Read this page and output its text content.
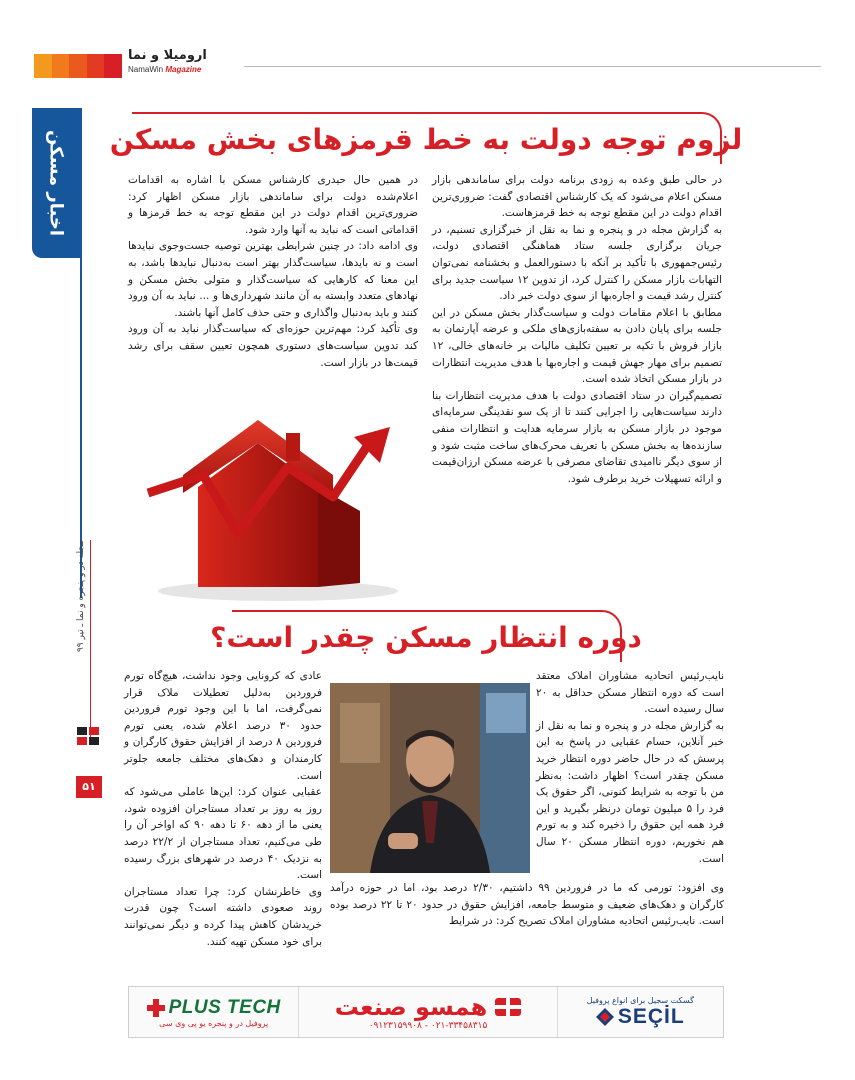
ارومیلا و نما
NamaWin Magazine
اخبار مسکن
مجله در و پنجره و نما ـ تیر ۹۹
۵۱
لزوم توجه دولت به خط قرمزهای بخش مسکن

در حالی طبق وعده به زودی برنامه دولت برای ساماندهی بازار مسکن اعلام می‌شود که یک کارشناس اقتصادی گفت: ضروری‌ترین اقدام دولت در این مقطع توجه به خط قرمزهاست.

به گزارش مجله در و پنجره و نما به نقل از خبرگزاری تسنیم، در جریان برگزاری جلسه ستاد هماهنگی اقتصادی دولت، رئیس‌جمهوری با تأکید بر آنکه با دستورالعمل و بخشنامه نمی‌توان التهابات بازار مسکن را کنترل کرد، از تدوین ۱۲ سیاست جدید برای کنترل رشد قیمت و اجاره‌بها از سوی دولت خبر داد.

مطابق با اعلام مقامات دولت و سیاست‌گذار بخش مسکن در این جلسه برای پایان دادن به سفته‌بازی‌های ملکی و عرضه آپارتمان به بازار فروش با تکیه بر تعیین تکلیف مالیات بر خانه‌های خالی، ۱۲ تصمیم برای مهار جهش قیمت و اجاره‌بها با هدف مدیریت انتظارات در بازار مسکن اتخاذ شده است.

تصمیم‌گیران در ستاد اقتصادی دولت با هدف مدیریت انتظارات بنا دارند سیاست‌هایی را اجرایی کنند تا از یک سو نقدینگی سرمایه‌ای موجود در بازار مسکن به بازار سرمایه هدایت و انتظارات منفی سازنده‌ها به بخش مسکن با تعریف محرک‌های ساخت مثبت شود و از سوی دیگر ناامیدی تقاضای مصرفی با عرضه مسکن ارزان‌قیمت و ارائه تسهیلات خرید برطرف شود.

در همین حال حیدری کارشناس مسکن با اشاره به اقدامات اعلام‌شده دولت برای ساماندهی بازار مسکن اظهار کرد: ضروری‌ترین اقدام دولت در این مقطع توجه به خط قرمزها و اقداماتی است که نباید به آنها وارد شود.

وی ادامه داد: در چنین شرایطی بهترین توصیه جست‌وجوی نبایدها است و نه بایدها، سیاست‌گذار بهتر است به‌دنبال نبایدها باشد، به این معنا که کارهایی که سیاست‌گذار و متولی بخش مسکن و نهادهای متعدد وابسته به آن مانند شهرداری‌ها و ... نباید به آن ورود کنند و باید به‌دنبال واگذاری و حتی حذف کامل آنها باشند.

وی تأکید کرد: مهم‌ترین حوزه‌ای که سیاست‌گذار نباید به آن ورود کند تدوین سیاست‌های دستوری همچون تعیین سقف برای رشد قیمت‌ها در بازار است.

دوره انتظار مسکن چقدر است؟

نایب‌رئیس اتحادیه مشاوران املاک معتقد است که دوره انتظار مسکن حداقل به ۲۰ سال رسیده است.

به گزارش مجله در و پنجره و نما به نقل از خبر آنلاین، حسام عقبایی در پاسخ به این پرسش که در حال حاضر دوره انتظار خرید مسکن چقدر است؟ اظهار داشت: به‌نظر من با توجه به شرایط کنونی، اگر حقوق یک فرد را ۵ میلیون تومان درنظر بگیرید و این فرد همه این حقوق را ذخیره کند و به تورم هم نخوریم، دوره انتظار مسکن ۲۰ سال است.

عادی که کرونایی وجود نداشت، هیچ‌گاه تورم فروردین به‌دلیل تعطیلات ملاک قرار نمی‌گرفت، اما با این وجود تورم فروردین حدود ۳۰ درصد اعلام شده، یعنی تورم فروردین ۸ درصد از افزایش حقوق کارگران و کارمندان و دهک‌های مختلف جامعه جلوتر است.

عقبایی عنوان کرد: این‌ها عاملی می‌شود که روز به روز بر تعداد مستاجران افزوده شود، یعنی ما از دهه ۶۰ تا دهه ۹۰ که اواخر آن را طی می‌کنیم، تعداد مستاجران از ۲۲/۲ درصد به نزدیک ۴۰ درصد در شهرهای بزرگ رسیده است.

وی خاطرنشان کرد: چرا تعداد مستاجران روند صعودی داشته است؟ چون قدرت خریدشان کاهش پیدا کرده و دیگر نمی‌توانند برای خود مسکن تهیه کنند.

وی افزود: تورمی که ما در فروردین ۹۹ داشتیم، ۲/۳۰ درصد بود، اما در حوزه درآمد کارگران و دهک‌های ضعیف و متوسط جامعه، افزایش حقوق در حدود ۲۰ تا ۲۲ درصد بوده است. نایب‌رئیس اتحادیه مشاوران املاک تصریح کرد: در شرایط

PLUS TECH
پروفیل در و پنجره یو پی وی سی
همسو صنعت
۰۲۱-۳۳۴۵۸۳۱۵ - ۰۹۱۲۳۱۵۹۹۰۸
گسکت سجیل برای انواع پروفیل
SEÇİL
